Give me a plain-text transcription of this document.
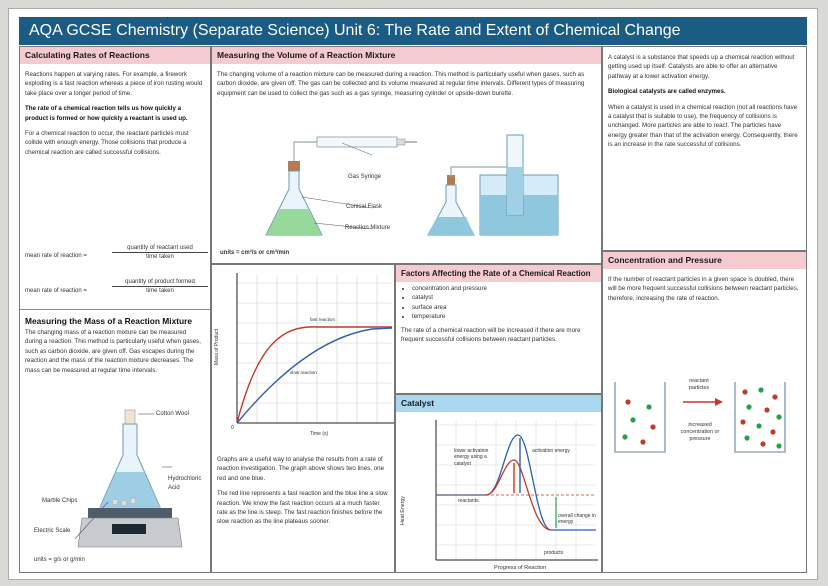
AQA GCSE Chemistry (Separate Science) Unit 6: The Rate and Extent of Chemical Change
Calculating Rates of Reactions

Reactions happen at varying rates. For example, a firework exploding is a fast reaction whereas a piece of iron rusting would take place over a longer period of time.

The rate of a chemical reaction tells us how quickly a product is formed or how quickly a reactant is used up.

For a chemical reaction to occur, the reactant particles must collide with enough energy. Those collisions that produce a chemical reaction are called successful collisions.

mean rate of reaction =
quantity of reactant used
time taken
mean rate of reaction =
quantity of product formed
time taken
Measuring the Mass of a Reaction Mixture

The changing mass of a reaction mixture can be measured during a reaction. This method is particularly useful when gases, such as carbon dioxide, are given off. Gas escapes during the reaction and the mass of the reaction mixture decreases. The mass can be measured at regular time intervals.

Cotton Wool
Hydrochloric Acid
Marble Chips
Electric Scale
units = g/s or g/min
Measuring the Volume of a Reaction Mixture

The changing volume of a reaction mixture can be measured during a reaction. This method is particularly useful when gases, such as carbon dioxide, are given off. The gas can be collected and its volume measured at regular time intervals. Different types of measuring equipment can be used to collect the gas such as a gas syringe, measuring cylinder or upside-down burette.

Gas Syringe
Conical Flask
Reaction Mixture
units = cm³/s or cm³/min
Mass of Product
0
Time (s)
fast reaction
slow reaction

Graphs are a useful way to analyse the results from a rate of reaction investigation. The graph above shows two lines, one red and one blue.

The red line represents a fast reaction and the blue line a slow reaction. We know the fast reaction occurs at a much faster rate as the line is steep. The fast reaction finishes before the slow reaction as the line plateaus sooner.

Factors Affecting the Rate of a Chemical Reaction
• concentration and pressure
• catalyst
• surface area
• temperature

The rate of a chemical reaction will be increased if there are more frequent successful collisions between reactant particles.

Catalyst
Heat Energy
Progress of Reaction
lower activation energy using a catalyst
activation energy
reactants
overall change in energy
products

A catalyst is a substance that speeds up a chemical reaction without getting used up itself. Catalysts are able to offer an alternative pathway at a lower activation energy.

Biological catalysts are called enzymes.

When a catalyst is used in a chemical reaction (not all reactions have a catalyst that is suitable to use), the frequency of collisions is unchanged. More particles are able to react. The particles have energy greater than that of the activation energy. Consequently, there is an increase in the rate successful of collisions.

Concentration and Pressure

If the number of reactant particles in a given space is doubled, there will be more frequent successful collisions between reactant particles, therefore, increasing the rate of reaction.

reactant particles
increased concentration or pressure
